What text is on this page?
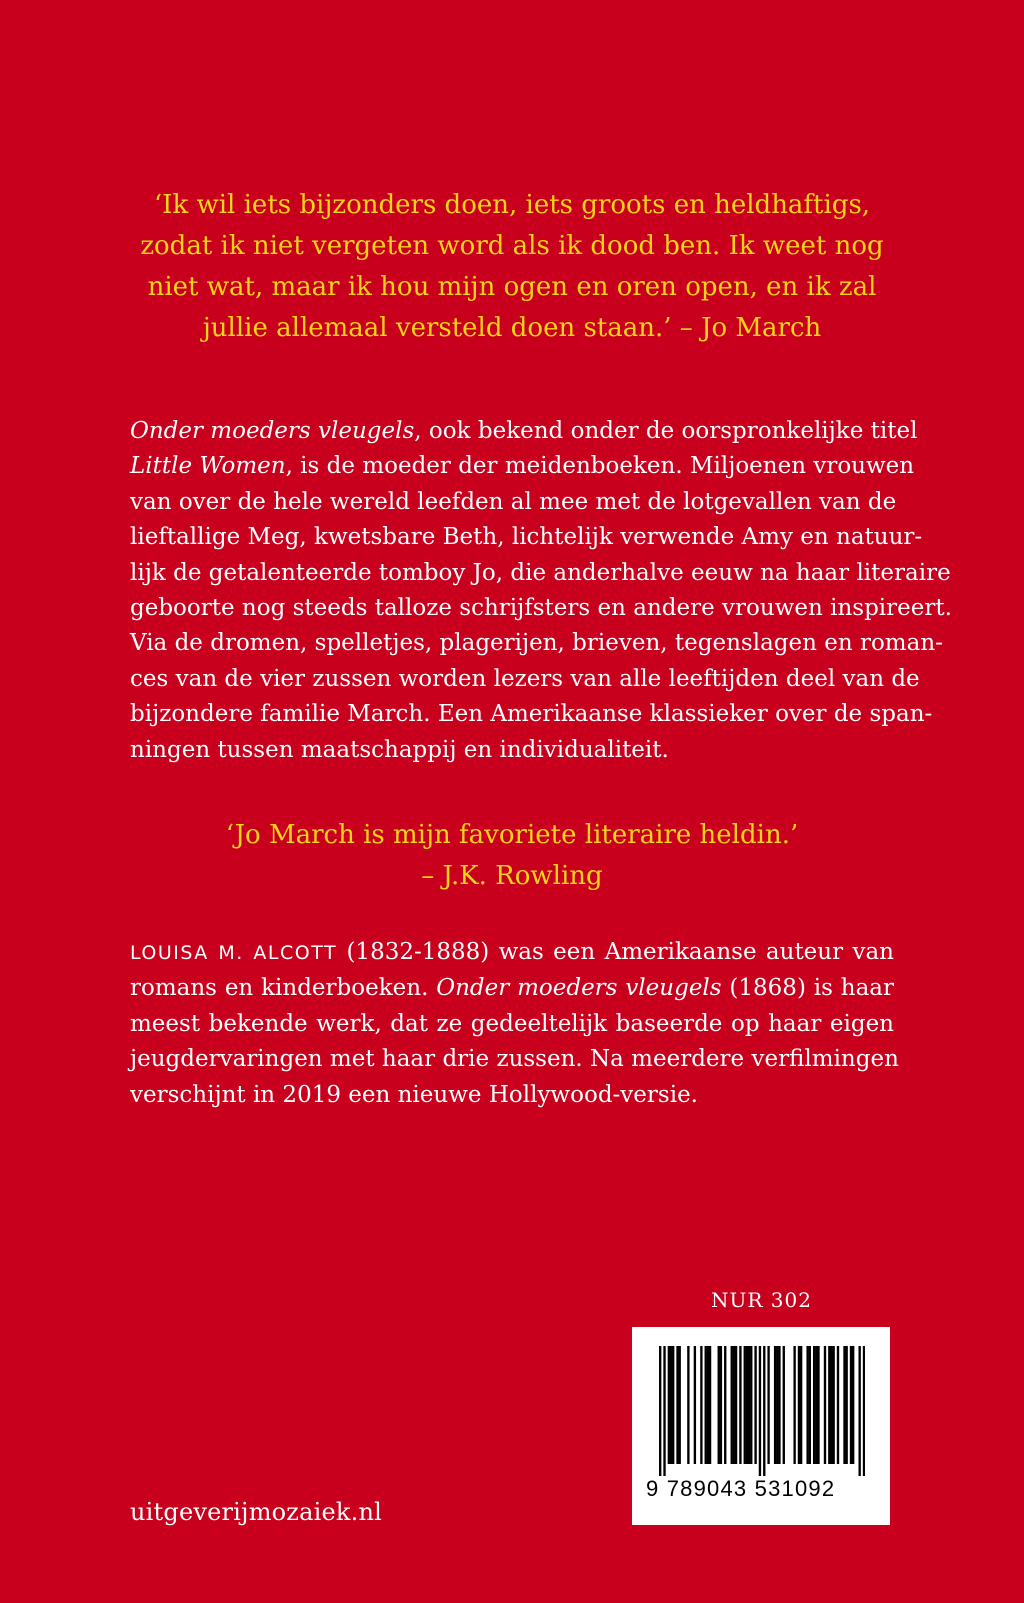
‘Ik wil iets bijzonders doen, iets groots en heldhaftigs,
zodat ik niet vergeten word als ik dood ben. Ik weet nog
niet wat, maar ik hou mijn ogen en oren open, en ik zal
jullie allemaal versteld doen staan.’ – Jo March

Onder moeders vleugels, ook bekend onder de oorspronkelijke titel
Little Women, is de moeder der meidenboeken. Miljoenen vrouwen
van over de hele wereld leefden al mee met de lotgevallen van de
lieftallige Meg, kwetsbare Beth, lichtelijk verwende Amy en natuur-
lijk de getalenteerde tomboy Jo, die anderhalve eeuw na haar literaire
geboorte nog steeds talloze schrijfsters en andere vrouwen inspireert.
Via de dromen, spelletjes, plagerijen, brieven, tegenslagen en roman-
ces van de vier zussen worden lezers van alle leeftijden deel van de
bijzondere familie March. Een Amerikaanse klassieker over de span-
ningen tussen maatschappij en individualiteit.

‘Jo March is mijn favoriete literaire heldin.’
– J.K. Rowling

LOUISA M. ALCOTT (1832-1888) was een Amerikaanse auteur van
romans en kinderboeken. Onder moeders vleugels (1868) is haar
meest bekende werk, dat ze gedeeltelijk baseerde op haar eigen
jeugdervaringen met haar drie zussen. Na meerdere verfilmingen
verschijnt in 2019 een nieuwe Hollywood-versie.

NUR 302
9 789043 531092
uitgeverijmozaiek.nl
